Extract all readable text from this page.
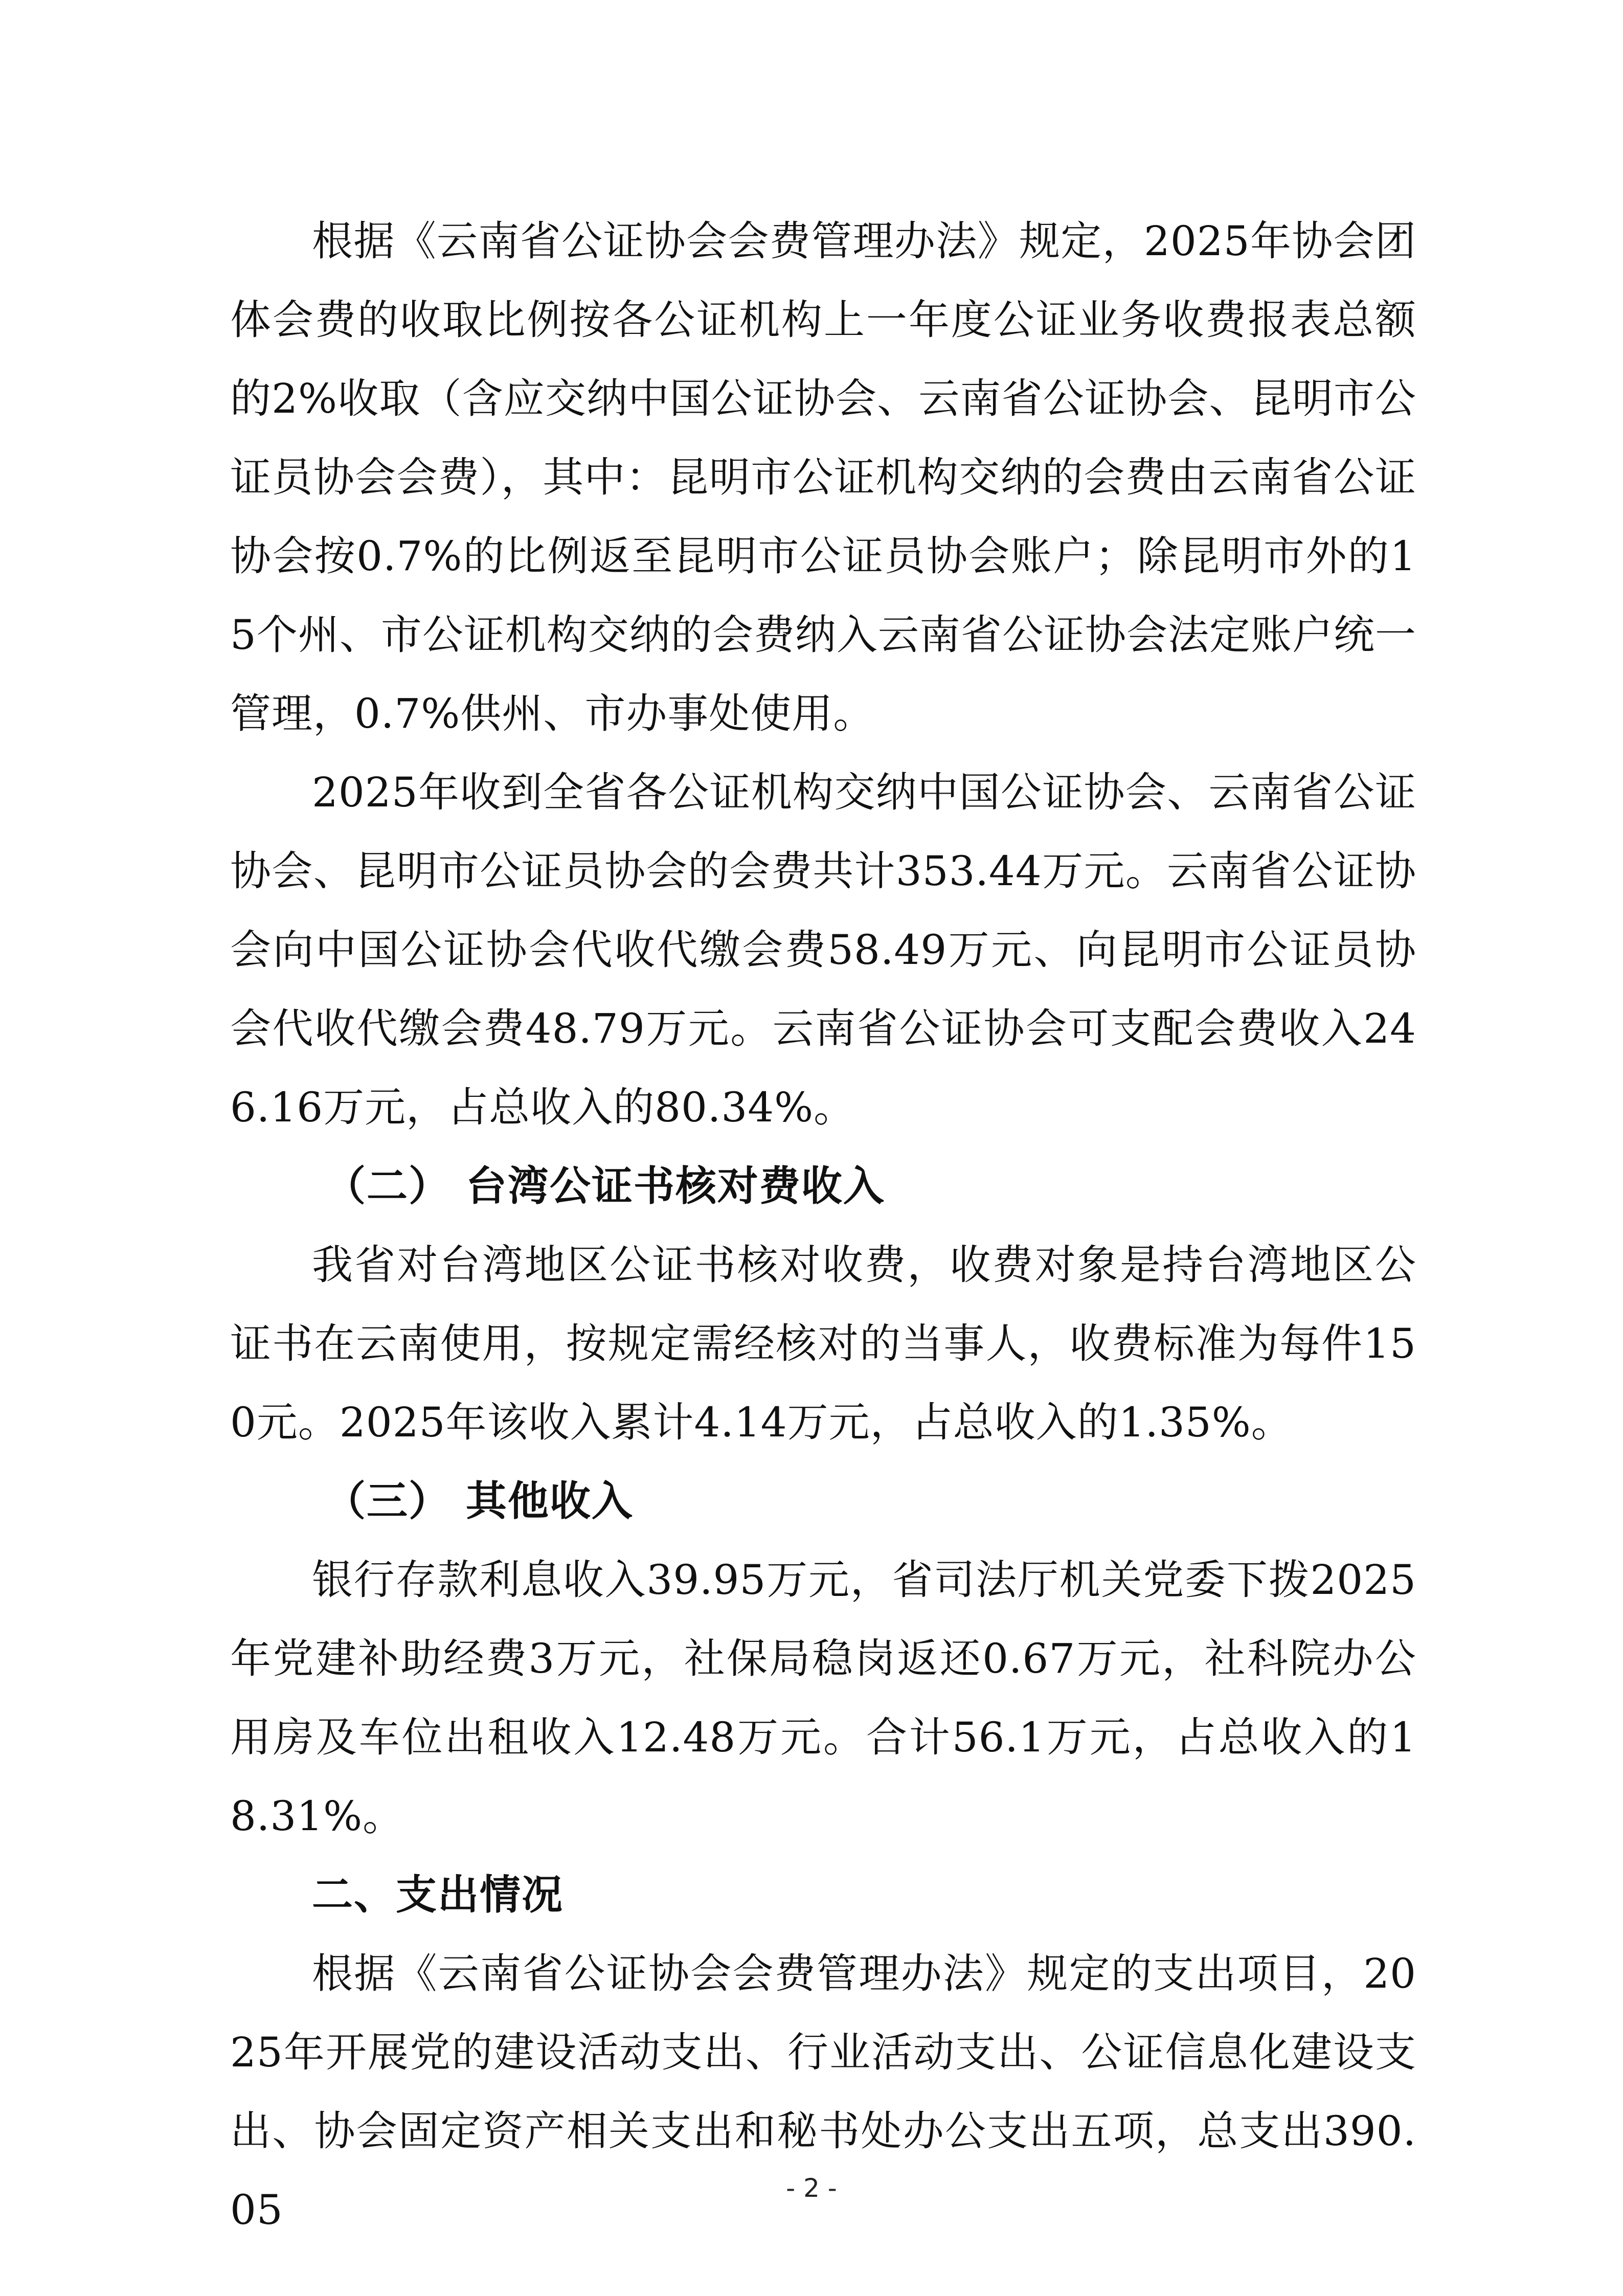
根据《云南省公证协会会费管理办法》规定，2025年协会团体会费的收取比例按各公证机构上一年度公证业务收费报表总额的2%收取（含应交纳中国公证协会、云南省公证协会、昆明市公证员协会会费），其中：昆明市公证机构交纳的会费由云南省公证协会按0.7%的比例返至昆明市公证员协会账户；除昆明市外的15个州、市公证机构交纳的会费纳入云南省公证协会法定账户统一管理，0.7%供州、市办事处使用。

2025年收到全省各公证机构交纳中国公证协会、云南省公证协会、昆明市公证员协会的会费共计353.44万元。云南省公证协会向中国公证协会代收代缴会费58.49万元、向昆明市公证员协会代收代缴会费48.79万元。云南省公证协会可支配会费收入246.16万元，占总收入的80.34%。

（二） 台湾公证书核对费收入

我省对台湾地区公证书核对收费，收费对象是持台湾地区公证书在云南使用，按规定需经核对的当事人，收费标准为每件150元。2025年该收入累计4.14万元，占总收入的1.35%。

（三） 其他收入

银行存款利息收入39.95万元，省司法厅机关党委下拨2025年党建补助经费3万元，社保局稳岗返还0.67万元，社科院办公用房及车位出租收入12.48万元。合计56.1万元，占总收入的18.31%。

二、支出情况

根据《云南省公证协会会费管理办法》规定的支出项目，2025年开展党的建设活动支出、行业活动支出、公证信息化建设支出、协会固定资产相关支出和秘书处办公支出五项，总支出390.05	- 2 -
